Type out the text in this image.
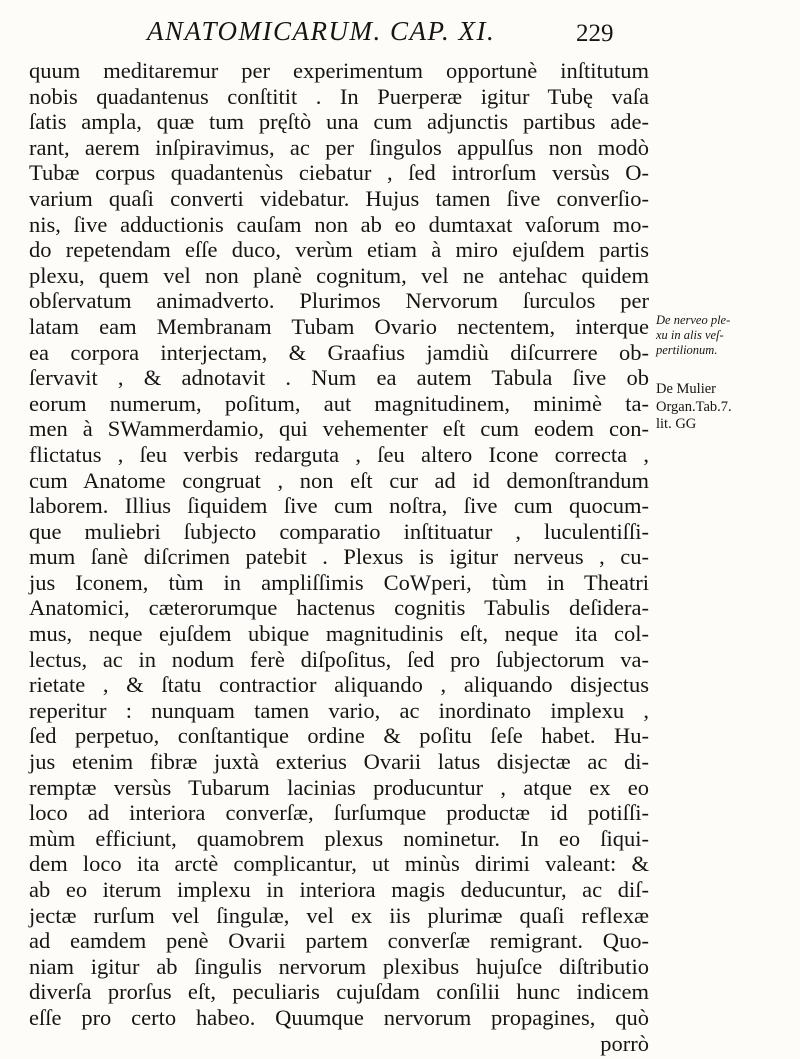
ANATOMICARUM. CAP. XI.	229
quum meditaremur per experimentum opportunè inſtitutum
nobis quadantenus conſtitit . In Puerperæ igitur Tubę vaſa
ſatis ampla, quæ tum pręſtò una cum adjunctis partibus ade-
rant, aerem inſpiravimus, ac per ſingulos appulſus non modò
Tubæ corpus quadantenùs ciebatur , ſed introrſum versùs O-
varium quaſi converti videbatur. Hujus tamen ſive converſio-
nis, ſive adductionis cauſam non ab eo dumtaxat vaſorum mo-
do repetendam eſſe duco, verùm etiam à miro ejuſdem partis
plexu, quem vel non planè cognitum, vel ne antehac quidem
obſervatum animadverto. Plurimos Nervorum ſurculos per
latam eam Membranam Tubam Ovario nectentem, interque
ea corpora interjectam, & Graafius jamdiù diſcurrere ob-
ſervavit , & adnotavit . Num ea autem Tabula ſive ob
eorum numerum, poſitum, aut magnitudinem, minimè ta-
men à SWammerdamio, qui vehementer eſt cum eodem con-
flictatus , ſeu verbis redarguta , ſeu altero Icone correcta ,
cum Anatome congruat , non eſt cur ad id demonſtrandum
laborem. Illius ſiquidem ſive cum noſtra, ſive cum quocum-
que muliebri ſubjecto comparatio inſtituatur , luculentiſſi-
mum ſanè diſcrimen patebit . Plexus is igitur nerveus , cu-
jus Iconem, tùm in ampliſſimis CoWperi, tùm in Theatri
Anatomici, cæterorumque hactenus cognitis Tabulis deſidera-
mus, neque ejuſdem ubique magnitudinis eſt, neque ita col-
lectus, ac in nodum ferè diſpoſitus, ſed pro ſubjectorum va-
rietate , & ſtatu contractior aliquando , aliquando disjectus
reperitur : nunquam tamen vario, ac inordinato implexu ,
ſed perpetuo, conſtantique ordine & poſitu ſeſe habet. Hu-
jus etenim fibræ juxtà exterius Ovarii latus disjectæ ac di-
remptæ versùs Tubarum lacinias producuntur , atque ex eo
loco ad interiora converſæ, ſurſumque productæ id potiſſi-
mùm efficiunt, quamobrem plexus nominetur. In eo ſiqui-
dem loco ita arctè complicantur, ut minùs dirimi valeant: &
ab eo iterum implexu in interiora magis deducuntur, ac diſ-
jectæ rurſum vel ſingulæ, vel ex iis plurimæ quaſi reflexæ
ad eamdem penè Ovarii partem converſæ remigrant. Quo-
niam igitur ab ſingulis nervorum plexibus hujuſce diſtributio
diverſa prorſus eſt, peculiaris cujuſdam conſilii hunc indicem
eſſe pro certo habeo. Quumque nervorum propagines, quò
porrò
De nerveo ple-
xu in alis veſ-
pertilionum.
De Mulier
Organ.Tab.7.
lit. GG
